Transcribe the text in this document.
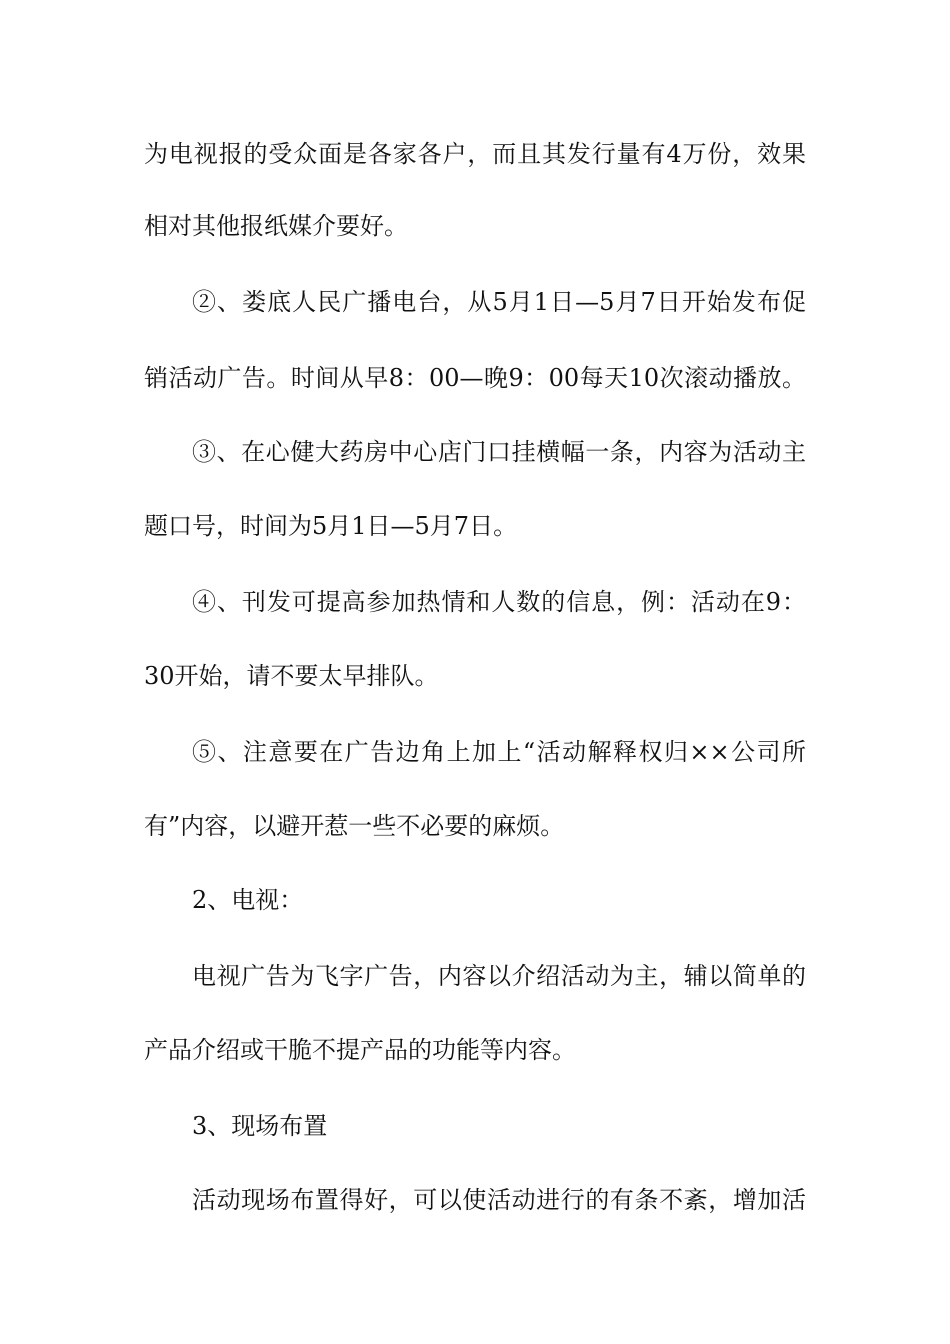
为电视报的受众面是各家各户，而且其发行量有4万份，效果
相对其他报纸媒介要好。
②、娄底人民广播电台，从5月1日—5月7日开始发布促
销活动广告。时间从早8：00—晚9：00每天10次滚动播放。
③、在心健大药房中心店门口挂横幅一条，内容为活动主
题口号，时间为5月1日—5月7日。
④、刊发可提高参加热情和人数的信息，例：活动在9：
30开始，请不要太早排队。
⑤、注意要在广告边角上加上“活动解释权归××公司所
有”内容，以避开惹一些不必要的麻烦。
2、电视：
电视广告为飞字广告，内容以介绍活动为主，辅以简单的
产品介绍或干脆不提产品的功能等内容。
3、现场布置
活动现场布置得好，可以使活动进行的有条不紊，增加活
